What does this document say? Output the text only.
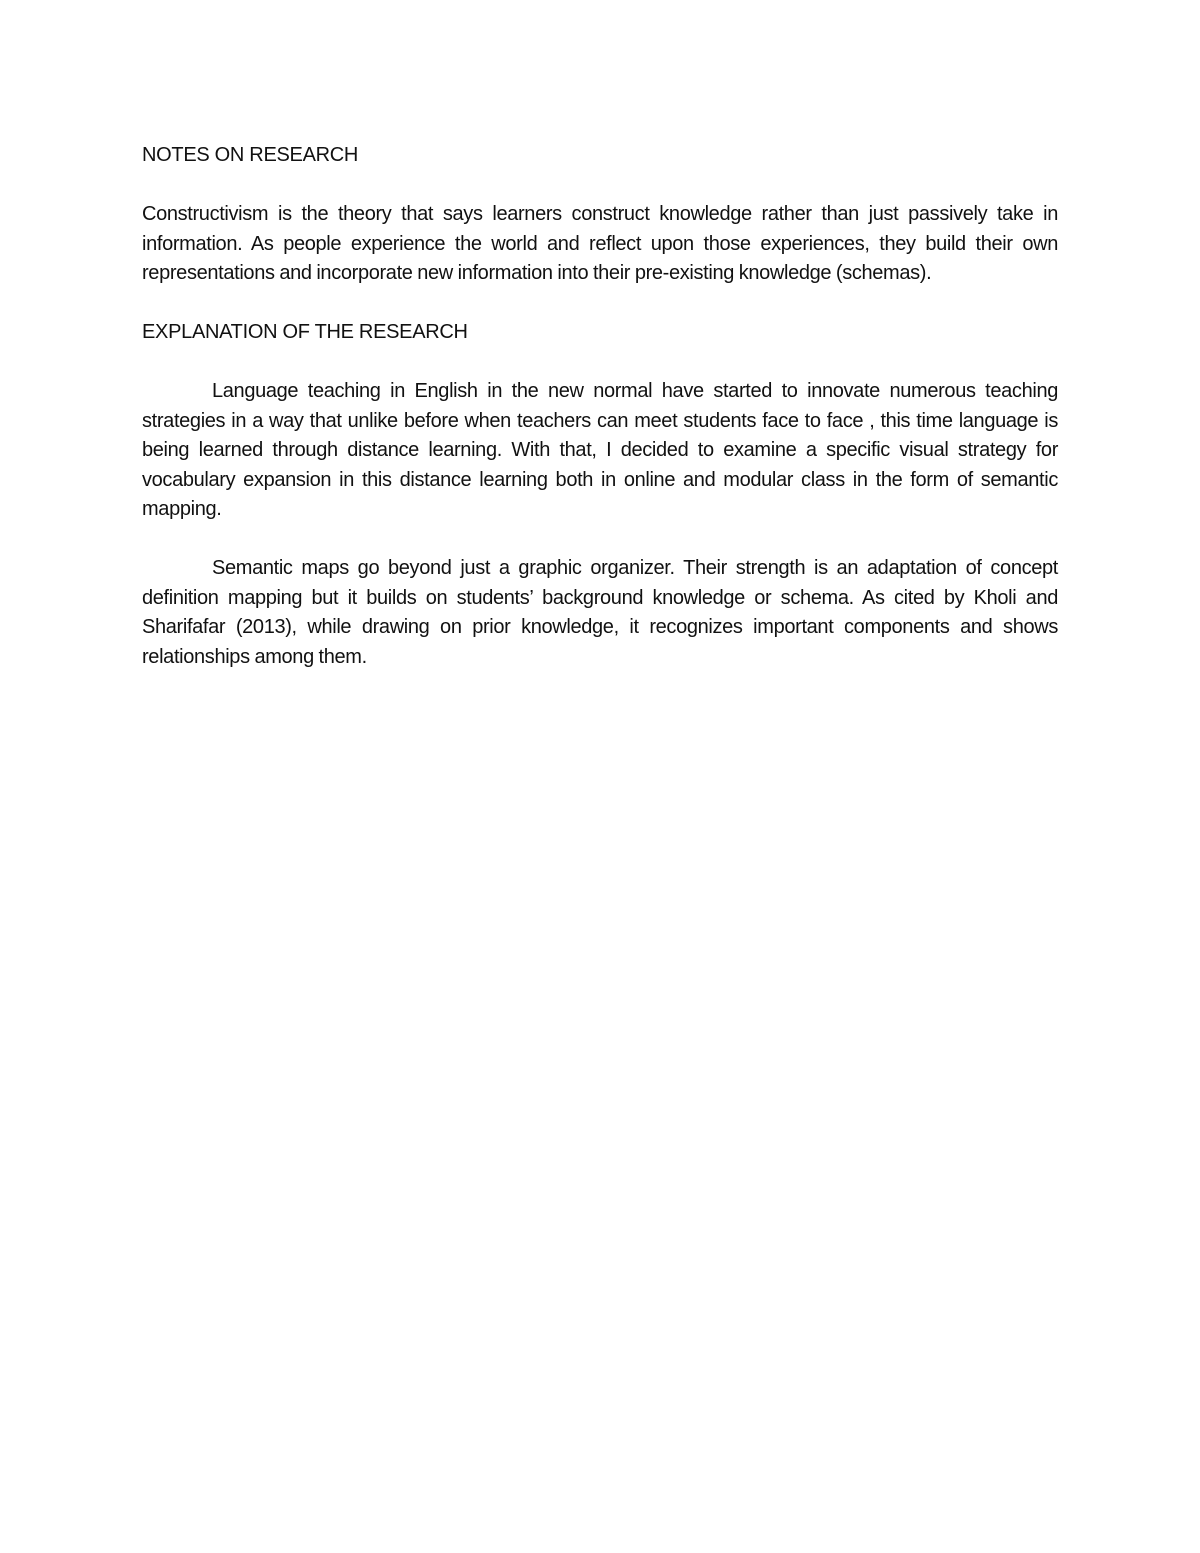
NOTES ON RESEARCH

Constructivism is the theory that says learners construct knowledge rather than just passively take in information. As people experience the world and reflect upon those experiences, they build their own representations and incorporate new information into their pre-existing knowledge (schemas).

EXPLANATION OF THE RESEARCH

Language teaching in English in the new normal have started to innovate numerous teaching strategies in a way that unlike before when teachers can meet students face to face , this time language is being learned through distance learning. With that, I decided to examine a specific visual strategy for vocabulary expansion in this distance learning both in online and modular class in the form of semantic mapping.

Semantic maps go beyond just a graphic organizer. Their strength is an adaptation of concept definition mapping but it builds on students’ background knowledge or schema. As cited by Kholi and Sharifafar (2013), while drawing on prior knowledge, it recognizes important components and shows relationships among them.
